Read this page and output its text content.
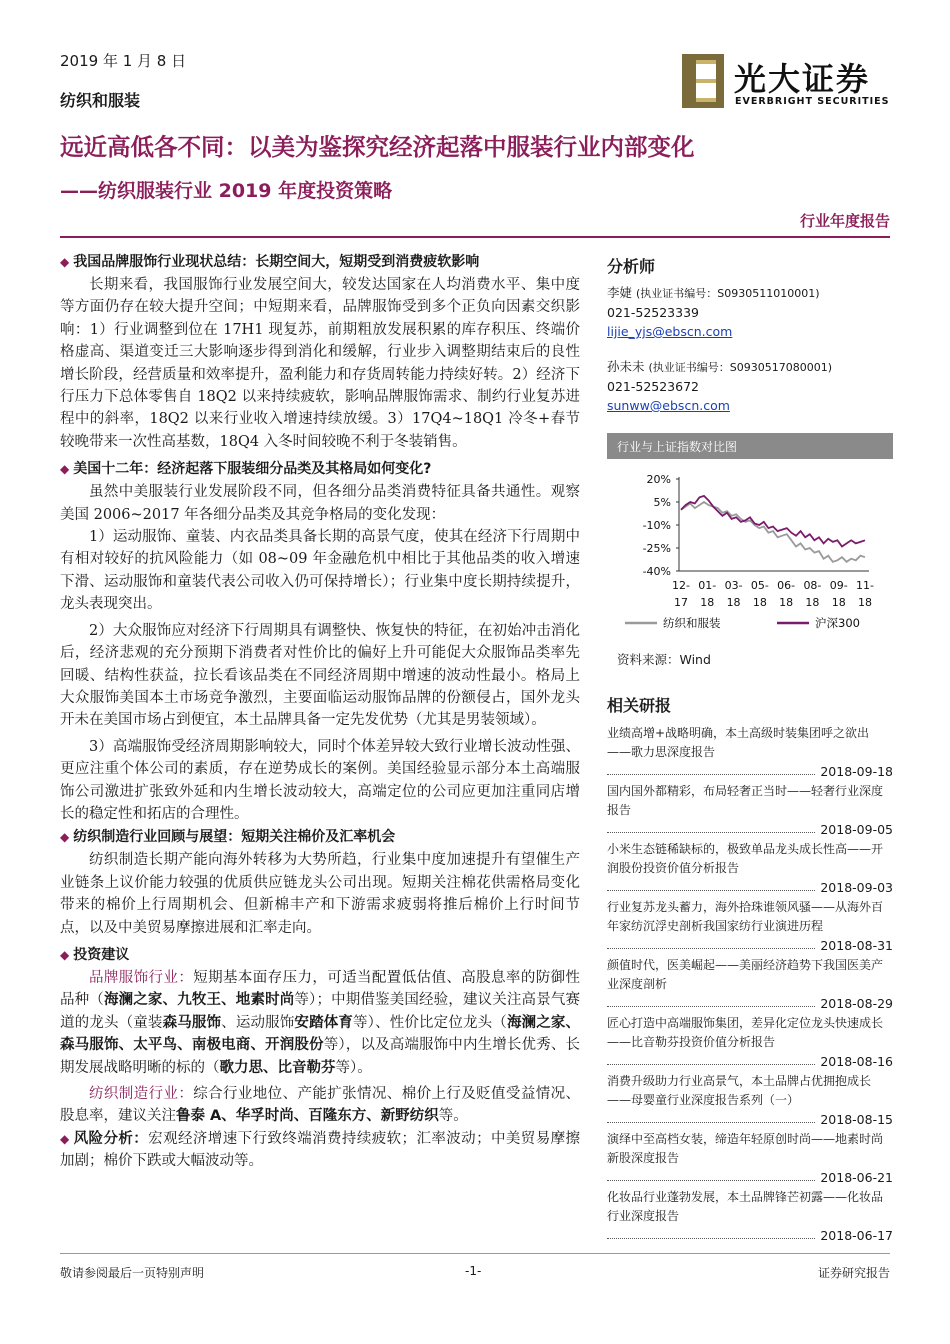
2019 年 1 月 8 日
纺织和服装
光大证券
EVERBRIGHT SECURITIES
远近高低各不同：以美为鉴探究经济起落中服装行业内部变化
——纺织服装行业 2019 年度投资策略
行业年度报告
◆ 我国品牌服饰行业现状总结：长期空间大，短期受到消费疲软影响

长期来看，我国服饰行业发展空间大，较发达国家在人均消费水平、集中度等方面仍存在较大提升空间；中短期来看，品牌服饰受到多个正负向因素交织影响：1）行业调整到位在 17H1 现复苏，前期粗放发展积累的库存积压、终端价格虚高、渠道变迁三大影响逐步得到消化和缓解，行业步入调整期结束后的良性增长阶段，经营质量和效率提升，盈利能力和存货周转能力持续好转。2）经济下行压力下总体零售自 18Q2 以来持续疲软，影响品牌服饰需求、制约行业复苏进程中的斜率，18Q2 以来行业收入增速持续放缓。3）17Q4~18Q1 冷冬+春节较晚带来一次性高基数，18Q4 入冬时间较晚不利于冬装销售。

◆ 美国十二年：经济起落下服装细分品类及其格局如何变化?

虽然中美服装行业发展阶段不同，但各细分品类消费特征具备共通性。观察美国 2006~2017 年各细分品类及其竞争格局的变化发现：

1）运动服饰、童装、内衣品类具备长期的高景气度，使其在经济下行周期中有相对较好的抗风险能力（如 08~09 年金融危机中相比于其他品类的收入增速下滑、运动服饰和童装代表公司收入仍可保持增长）；行业集中度长期持续提升，龙头表现突出。

2）大众服饰应对经济下行周期具有调整快、恢复快的特征，在初始冲击消化后，经济悲观的充分预期下消费者对性价比的偏好上升可能促大众服饰品类率先回暖、结构性获益，拉长看该品类在不同经济周期中增速的波动性最小。格局上大众服饰美国本土市场竞争激烈，主要面临运动服饰品牌的份额侵占，国外龙头开未在美国市场占到便宜，本土品牌具备一定先发优势（尤其是男装领域）。

3）高端服饰受经济周期影响较大，同时个体差异较大致行业增长波动性强、更应注重个体公司的素质，存在逆势成长的案例。美国经验显示部分本土高端服饰公司激进扩张致外延和内生增长波动较大，高端定位的公司应更加注重同店增长的稳定性和拓店的合理性。

◆ 纺织制造行业回顾与展望：短期关注棉价及汇率机会

纺织制造长期产能向海外转移为大势所趋，行业集中度加速提升有望催生产业链条上议价能力较强的优质供应链龙头公司出现。短期关注棉花供需格局变化带来的棉价上行周期机会、但新棉丰产和下游需求疲弱将推后棉价上行时间节点，以及中美贸易摩擦进展和汇率走向。

◆ 投资建议

品牌服饰行业：短期基本面存压力，可适当配置低估值、高股息率的防御性品种（海澜之家、九牧王、地素时尚等）；中期借鉴美国经验，建议关注高景气赛道的龙头（童装森马服饰、运动服饰安踏体育等）、性价比定位龙头（海澜之家、森马服饰、太平鸟、南极电商、开润股份等），以及高端服饰中内生增长优秀、长期发展战略明晰的标的（歌力思、比音勒芬等）。

纺织制造行业：综合行业地位、产能扩张情况、棉价上行及贬值受益情况、股息率，建议关注鲁泰 A、华孚时尚、百隆东方、新野纺织等。

◆ 风险分析：宏观经济增速下行致终端消费持续疲软；汇率波动；中美贸易摩擦加剧；棉价下跌或大幅波动等。

分析师
李婕 (执业证书编号：S0930511010001)
021-52523339
lijie_yjs@ebscn.com
孙未未 (执业证书编号：S0930517080001)
021-52523672
sunww@ebscn.com
行业与上证指数对比图
20%
5%
-10%
-25%
-40%
12-
17
01-
18
03-
18
05-
18
06-
18
08-
18
09-
18
11-
18
纺织和服装	沪深300
资料来源：Wind
相关研报
业绩高增+战略明确，本土高级时装集团呼之欲出——歌力思深度报告
2018-09-18
国内国外都精彩，布局轻奢正当时——轻奢行业深度报告
2018-09-05
小米生态链稀缺标的，极致单品龙头成长性高——开润股份投资价值分析报告
2018-09-03
行业复苏龙头蓄力，海外拾珠谁领风骚——从海外百年家纺沉浮史剖析我国家纺行业演进历程
2018-08-31
颜值时代，医美崛起——美丽经济趋势下我国医美产业深度剖析
2018-08-29
匠心打造中高端服饰集团，差异化定位龙头快速成长——比音勒芬投资价值分析报告
2018-08-16
消费升级助力行业高景气，本土品牌占优拥抱成长——母婴童行业深度报告系列（一）
2018-08-15
演绎中至高档女装，缔造年轻原创时尚——地素时尚新股深度报告
2018-06-21
化妆品行业蓬勃发展，本土品牌锋芒初露——化妆品行业深度报告
2018-06-17
敬请参阅最后一页特别声明	-1-	证券研究报告
